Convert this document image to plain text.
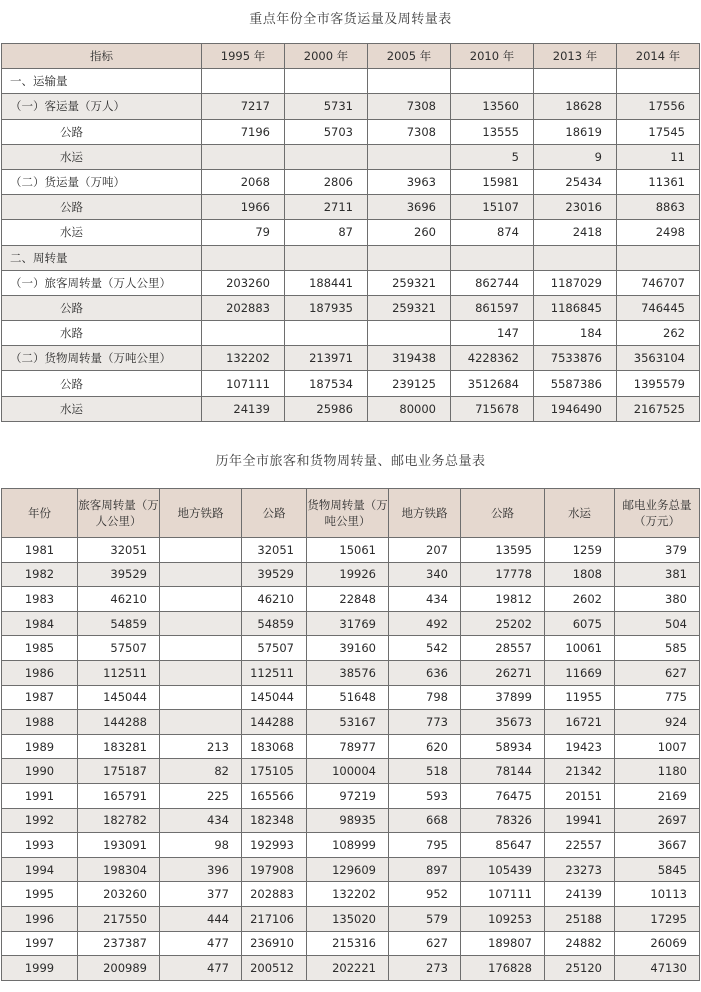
重点年份全市客货运量及周转量表
指标	1995 年	2000 年	2005 年	2010 年	2013 年	2014 年
一、运输量						
（一）客运量（万人）	7217	5731	7308	13560	18628	17556
公路	7196	5703	7308	13555	18619	17545
水运				5	9	11
（二）货运量（万吨）	2068	2806	3963	15981	25434	11361
公路	1966	2711	3696	15107	23016	8863
水运	79	87	260	874	2418	2498
二、周转量						
（一）旅客周转量（万人公里）	203260	188441	259321	862744	1187029	746707
公路	202883	187935	259321	861597	1186845	746445
水路				147	184	262
（二）货物周转量（万吨公里）	132202	213971	319438	4228362	7533876	3563104
公路	107111	187534	239125	3512684	5587386	1395579
水运	24139	25986	80000	715678	1946490	2167525
历年全市旅客和货物周转量、邮电业务总量表
年份	旅客周转量（万人公里）	地方铁路	公路	货物周转量（万吨公里）	地方铁路	公路	水运	邮电业务总量（万元）
1981	32051		32051	15061	207	13595	1259	379
1982	39529		39529	19926	340	17778	1808	381
1983	46210		46210	22848	434	19812	2602	380
1984	54859		54859	31769	492	25202	6075	504
1985	57507		57507	39160	542	28557	10061	585
1986	112511		112511	38576	636	26271	11669	627
1987	145044		145044	51648	798	37899	11955	775
1988	144288		144288	53167	773	35673	16721	924
1989	183281	213	183068	78977	620	58934	19423	1007
1990	175187	82	175105	100004	518	78144	21342	1180
1991	165791	225	165566	97219	593	76475	20151	2169
1992	182782	434	182348	98935	668	78326	19941	2697
1993	193091	98	192993	108999	795	85647	22557	3667
1994	198304	396	197908	129609	897	105439	23273	5845
1995	203260	377	202883	132202	952	107111	24139	10113
1996	217550	444	217106	135020	579	109253	25188	17295
1997	237387	477	236910	215316	627	189807	24882	26069
1999	200989	477	200512	202221	273	176828	25120	47130
